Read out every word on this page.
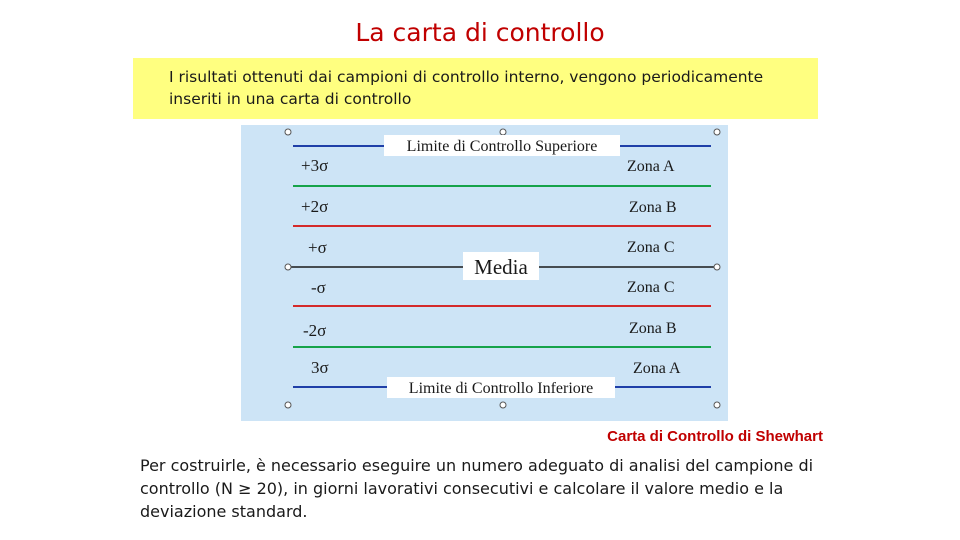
La carta di controllo
I risultati ottenuti dai campioni di controllo interno, vengono periodicamente inseriti in una carta di controllo
Limite di Controllo Superiore
Media
Limite di Controllo Inferiore
+3σ
+2σ
+σ
-σ
-2σ
3σ
Zona A
Zona B
Zona C
Zona C
Zona B
Zona A
Carta di Controllo di Shewhart
Per costruirle, è necessario eseguire un numero adeguato di analisi del campione di controllo (N ≥ 20), in giorni lavorativi consecutivi e calcolare il valore medio e la deviazione standard.
